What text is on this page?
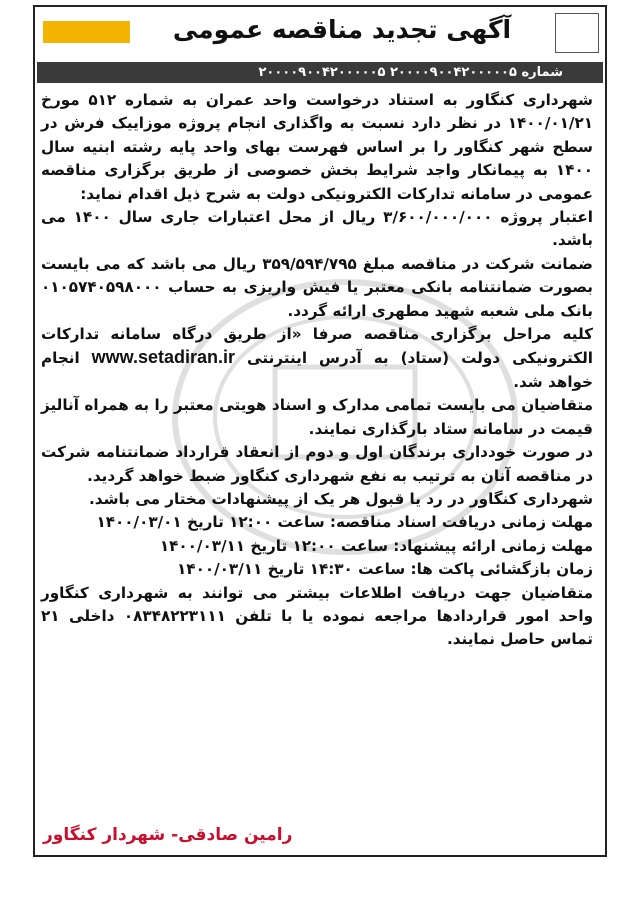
آگهی تجدید مناقصه عمومی
شماره ۲۰۰۰۰۹۰۰۴۲۰۰۰۰۰۵ ۲۰۰۰۰۹۰۰۴۲۰۰۰۰۰۵

شهرداری کنگاور به استناد درخواست واحد عمران به شماره ۵۱۲ مورخ ۱۴۰۰/۰۱/۲۱ در نظر دارد نسبت به واگذاری انجام پروژه موزاییک فرش در سطح شهر کنگاور را بر اساس فهرست بهای واحد پایه رشته ابنیه سال ۱۴۰۰ به پیمانکار واجد شرایط بخش خصوصی از طریق برگزاری مناقصه عمومی در سامانه تدارکات الکترونیکی دولت به شرح ذیل اقدام نماید:

اعتبار پروژه ۳/۶۰۰/۰۰۰/۰۰۰ ریال از محل اعتبارات جاری سال ۱۴۰۰ می باشد.

ضمانت شرکت در مناقصه مبلغ ۳۵۹/۵۹۴/۷۹۵ ریال می باشد که می بایست بصورت ضمانتنامه بانکی معتبر یا فیش واریزی به حساب ۰۱۰۵۷۴۰۵۹۸۰۰۰ بانک ملی شعبه شهید مطهری ارائه گردد.

کلیه مراحل برگزاری مناقصه صرفا «از طریق درگاه سامانه تدارکات الکترونیکی دولت (ستاد) به آدرس اینترنتی www.setadiran.ir انجام خواهد شد.

متقاضیان می بایست تمامی مدارک و اسناد هویتی معتبر را به همراه آنالیز قیمت در سامانه ستاد بارگذاری نمایند.

در صورت خودداری برندگان اول و دوم از انعقاد قرارداد ضمانتنامه شرکت در مناقصه آنان به ترتیب به نفع شهرداری کنگاور ضبط خواهد گردید.

شهرداری کنگاور در رد یا قبول هر یک از پیشنهادات مختار می باشد.

مهلت زمانی دریافت اسناد مناقصه: ساعت ۱۲:۰۰ تاریخ ۱۴۰۰/۰۳/۰۱

مهلت زمانی ارائه پیشنهاد: ساعت ۱۲:۰۰ تاریخ ۱۴۰۰/۰۳/۱۱

زمان بازگشائی پاکت ها: ساعت ۱۴:۳۰ تاریخ ۱۴۰۰/۰۳/۱۱

متقاضیان جهت دریافت اطلاعات بیشتر می توانند به شهرداری کنگاور واحد امور قراردادها مراجعه نموده یا با تلفن ۰۸۳۴۸۲۲۳۱۱۱ داخلی ۲۱ تماس حاصل نمایند.

رامین صادقی- شهردار کنگاور
